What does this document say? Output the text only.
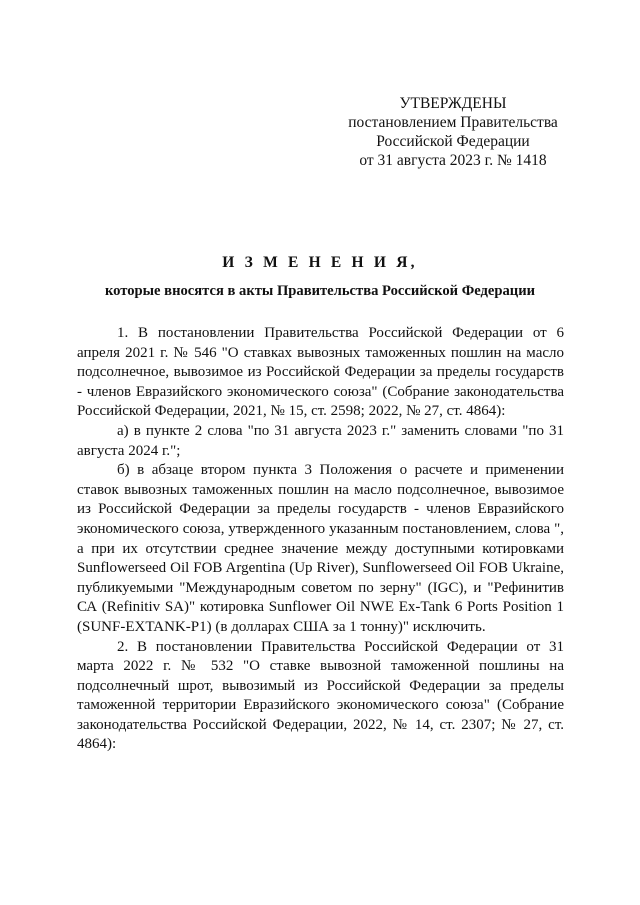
УТВЕРЖДЕНЫ
постановлением Правительства
Российской Федерации
от 31 августа 2023 г. № 1418
И З М Е Н Е Н И Я,
которые вносятся в акты Правительства Российской Федерации

1. В постановлении Правительства Российской Федерации от 6 апреля 2021 г. № 546 "О ставках вывозных таможенных пошлин на масло подсолнечное, вывозимое из Российской Федерации за пределы государств - членов Евразийского экономического союза" (Собрание законодательства Российской Федерации, 2021, № 15, ст. 2598; 2022, № 27, ст. 4864):

а) в пункте 2 слова "по 31 августа 2023 г." заменить словами "по 31 августа 2024 г.";

б) в абзаце втором пункта 3 Положения о расчете и применении ставок вывозных таможенных пошлин на масло подсолнечное, вывозимое из Российской Федерации за пределы государств - членов Евразийского экономического союза, утвержденного указанным постановлением, слова ", а при их отсутствии среднее значение между доступными котировками Sunflowerseed Oil FOB Argentina (Up River), Sunflowerseed Oil FOB Ukraine, публикуемыми "Международным советом по зерну" (IGC), и "Рефинитив СА (Refinitiv SA)" котировка Sunflower Oil NWE Ex-Tank 6 Ports Position 1 (SUNF-EXTANK-P1) (в долларах США за 1 тонну)" исключить.

2. В постановлении Правительства Российской Федерации от 31 марта 2022 г. № 532 "О ставке вывозной таможенной пошлины на подсолнечный шрот, вывозимый из Российской Федерации за пределы таможенной территории Евразийского экономического союза" (Собрание законодательства Российской Федерации, 2022, № 14, ст. 2307; № 27, ст. 4864):
